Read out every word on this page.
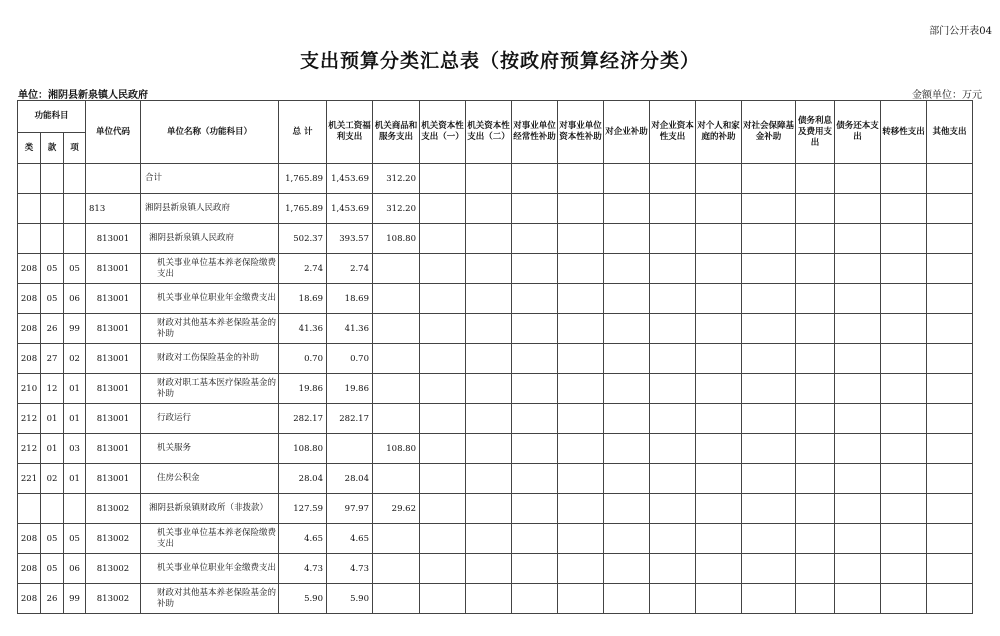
部门公开表04
支出预算分类汇总表（按政府预算经济分类）
单位：湘阴县新泉镇人民政府	金额单位：万元
功能科目			单位代码	单位名称（功能科目）	总 计	机关工资福利支出	机关商品和服务支出	机关资本性支出（一）	机关资本性支出（二）	对事业单位经常性补助	对事业单位资本性补助	对企业补助	对企业资本性支出	对个人和家庭的补助	对社会保障基金补助	债务利息及费用支出	债务还本支出	转移性支出	其他支出
类	款	项																	
				合计	1,765.89	1,453.69	312.20												
			813	湘阴县新泉镇人民政府	1,765.89	1,453.69	312.20												
			813001	湘阴县新泉镇人民政府	502.37	393.57	108.80												
208	05	05	813001	机关事业单位基本养老保险缴费支出	2.74	2.74													
208	05	06	813001	机关事业单位职业年金缴费支出	18.69	18.69													
208	26	99	813001	财政对其他基本养老保险基金的补助	41.36	41.36													
208	27	02	813001	财政对工伤保险基金的补助	0.70	0.70													
210	12	01	813001	财政对职工基本医疗保险基金的补助	19.86	19.86													
212	01	01	813001	行政运行	282.17	282.17													
212	01	03	813001	机关服务	108.80		108.80												
221	02	01	813001	住房公积金	28.04	28.04													
			813002	湘阴县新泉镇财政所（非拨款）	127.59	97.97	29.62												
208	05	05	813002	机关事业单位基本养老保险缴费支出	4.65	4.65													
208	05	06	813002	机关事业单位职业年金缴费支出	4.73	4.73													
208	26	99	813002	财政对其他基本养老保险基金的补助	5.90	5.90													
